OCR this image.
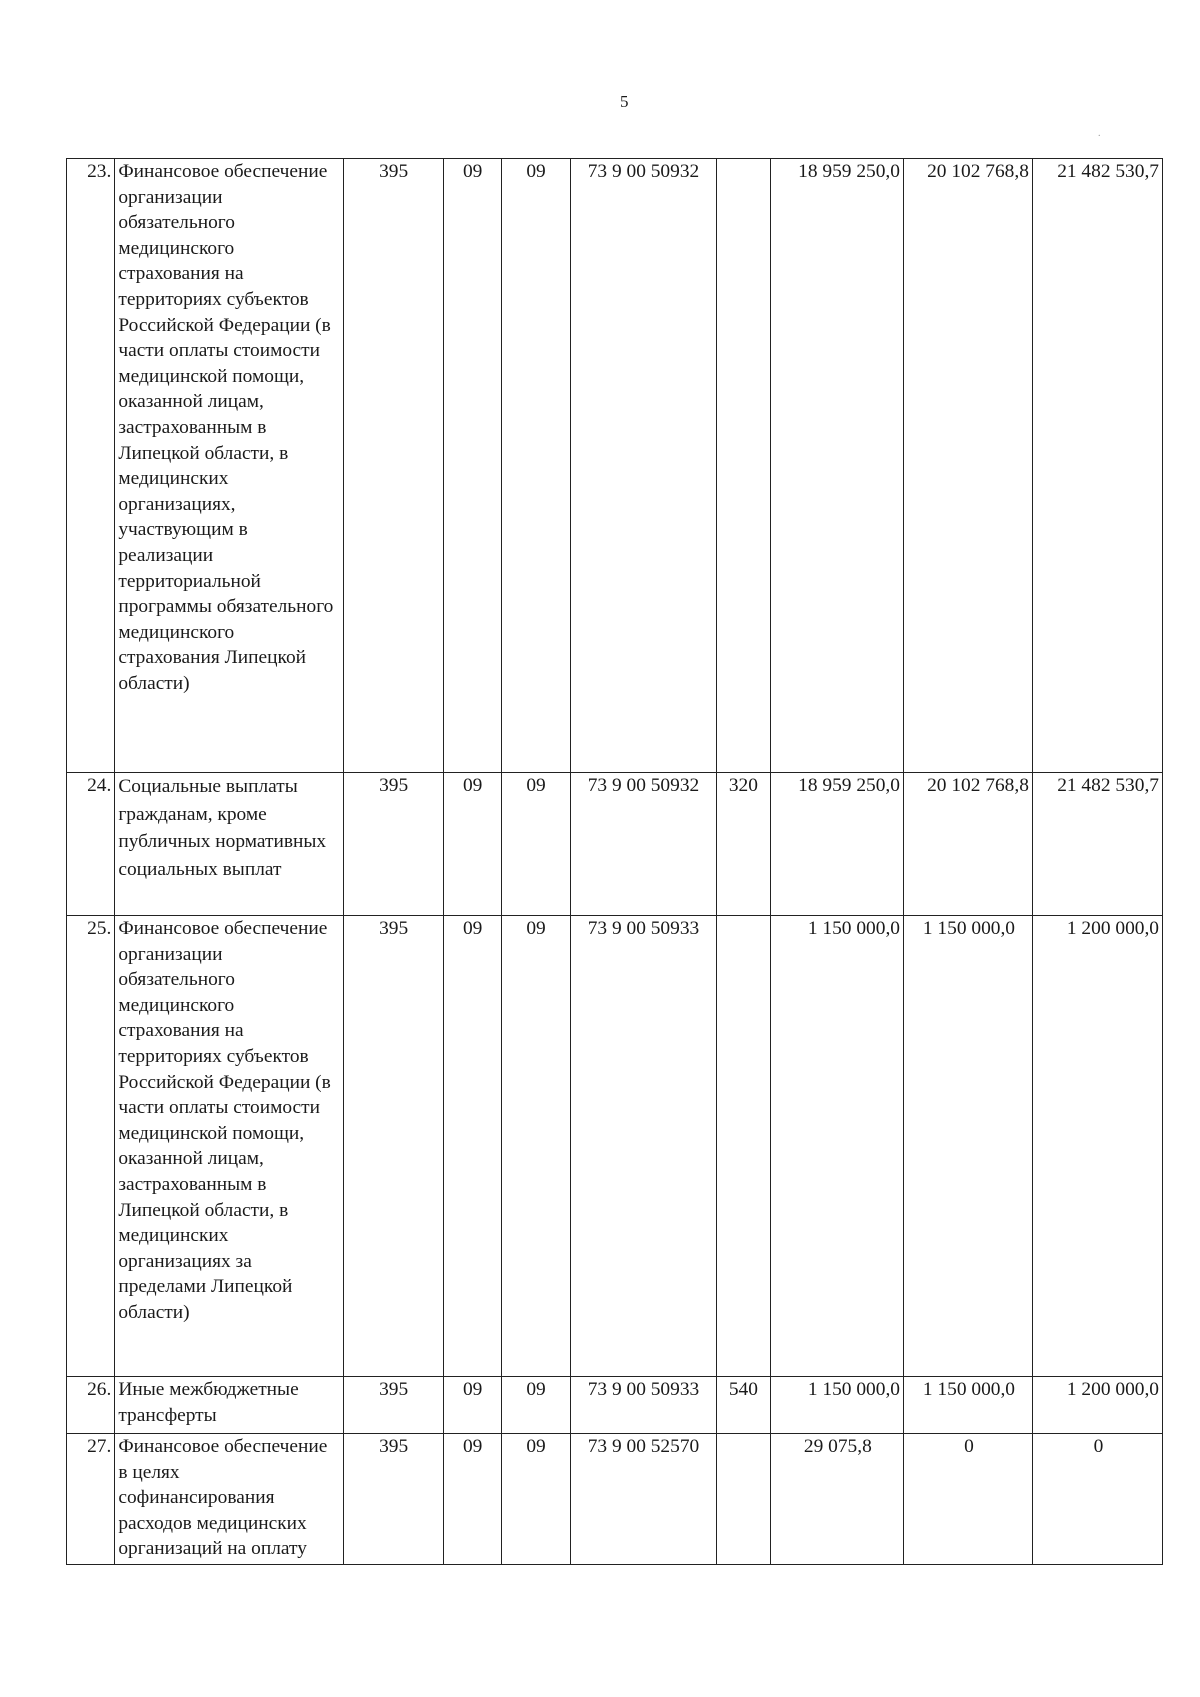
5
.
23.	Финансовое обеспечение организации обязательного медицинского страхования на территориях субъектов Российской Федерации (в части оплаты стоимости медицинской помощи, оказанной лицам, застрахованным в Липецкой области, в медицинских организациях, участвующим в реализации территориальной программы обязательного медицинского страхования Липецкой области)	395	09	09	73 9 00 50932		18 959 250,0	20 102 768,8	21 482 530,7
24.	Социальные выплаты гражданам, кроме публичных нормативных социальных выплат	395	09	09	73 9 00 50932	320	18 959 250,0	20 102 768,8	21 482 530,7
25.	Финансовое обеспечение организации обязательного медицинского страхования на территориях субъектов Российской Федерации (в части оплаты стоимости медицинской помощи, оказанной лицам, застрахованным в Липецкой области, в медицинских организациях за пределами Липецкой области)	395	09	09	73 9 00 50933		1 150 000,0	1 150 000,0	1 200 000,0
26.	Иные межбюджетные трансферты	395	09	09	73 9 00 50933	540	1 150 000,0	1 150 000,0	1 200 000,0
27.	Финансовое обеспечение в целях софинансирования расходов медицинских организаций на оплату	395	09	09	73 9 00 52570		29 075,8	0	0
